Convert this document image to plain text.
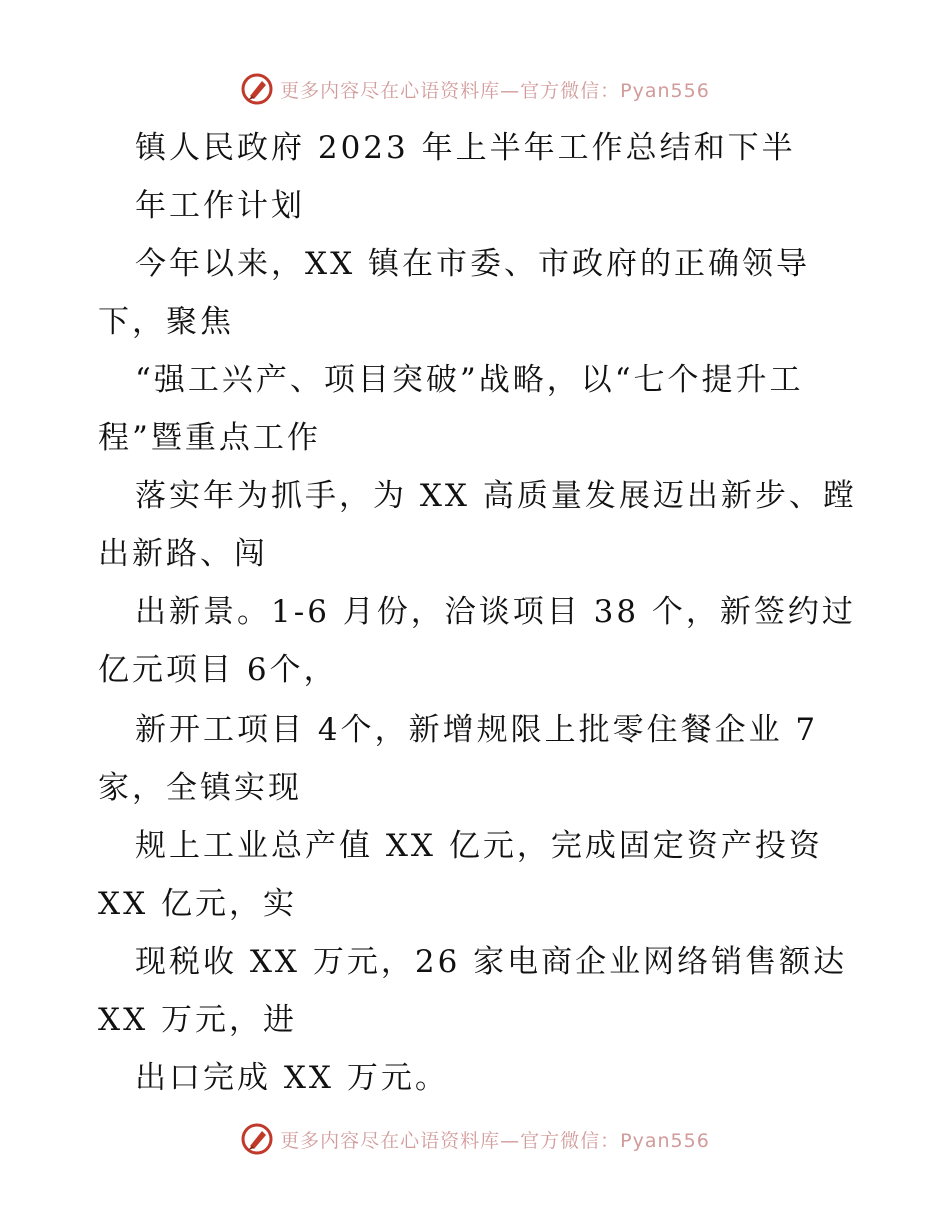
更多内容尽在心语资料库—官方微信：Pyan556
镇人民政府 2023 年上半年工作总结和下半
年工作计划
今年以来，XX 镇在市委、市政府的正确领导
下，聚焦
“强工兴产、项目突破”战略，以“七个提升工
程”暨重点工作
落实年为抓手，为 XX 高质量发展迈出新步、蹚
出新路、闯
出新景。1-6 月份，洽谈项目 38 个，新签约过
亿元项目 6个，
新开工项目 4个，新增规限上批零住餐企业 7
家，全镇实现
规上工业总产值 XX 亿元，完成固定资产投资
XX 亿元，实
现税收 XX 万元，26 家电商企业网络销售额达
XX 万元，进
出口完成 XX 万元。
更多内容尽在心语资料库—官方微信：Pyan556
